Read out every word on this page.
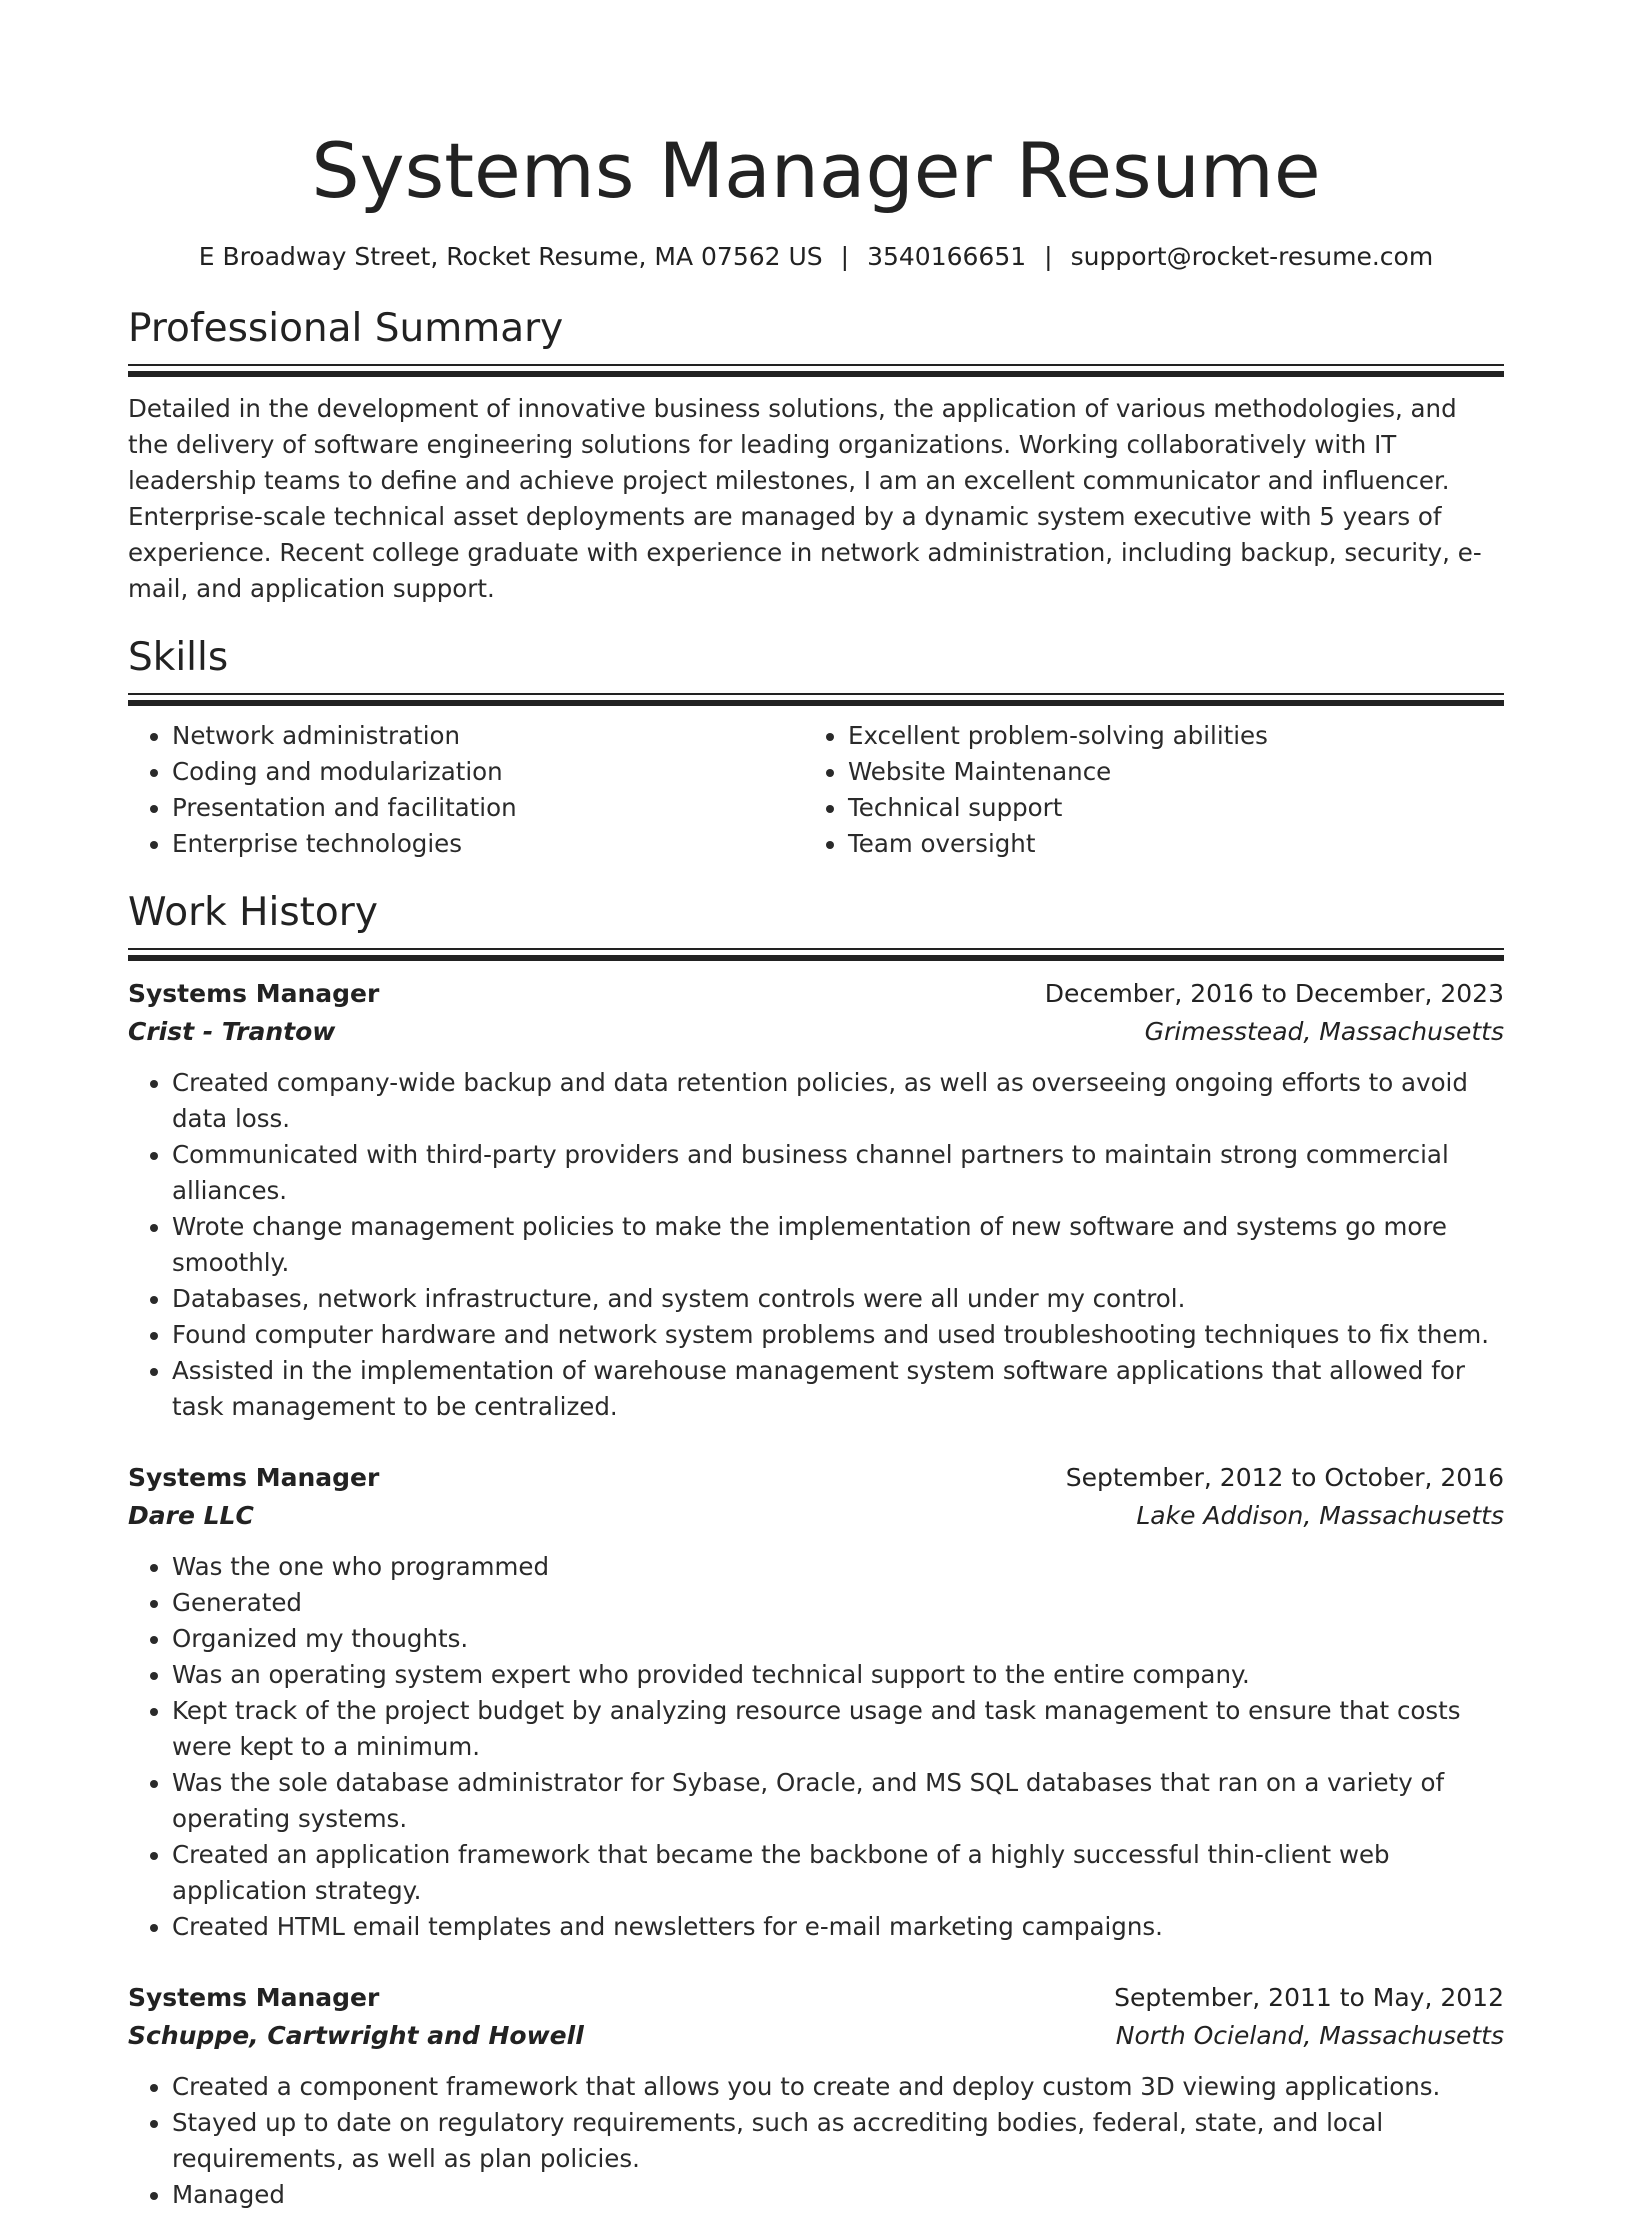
Systems Manager Resume
E Broadway Street, Rocket Resume, MA 07562 US | 3540166651 | support@rocket-resume.com
Professional Summary

Detailed in the development of innovative business solutions, the application of various methodologies, and the delivery of software engineering solutions for leading organizations. Working collaboratively with IT leadership teams to define and achieve project milestones, I am an excellent communicator and influencer. Enterprise-scale technical asset deployments are managed by a dynamic system executive with 5 years of experience. Recent college graduate with experience in network administration, including backup, security, e-mail, and application support.

Skills
• Network administration
• Coding and modularization
• Presentation and facilitation
• Enterprise technologies
• Excellent problem-solving abilities
• Website Maintenance
• Technical support
• Team oversight
Work History
Systems Manager	December, 2016 to December, 2023
Crist - Trantow	Grimesstead, Massachusetts
• Created company-wide backup and data retention policies, as well as overseeing ongoing efforts to avoid data loss.
• Communicated with third-party providers and business channel partners to maintain strong commercial alliances.
• Wrote change management policies to make the implementation of new software and systems go more smoothly.
• Databases, network infrastructure, and system controls were all under my control.
• Found computer hardware and network system problems and used troubleshooting techniques to fix them.
• Assisted in the implementation of warehouse management system software applications that allowed for task management to be centralized.
Systems Manager	September, 2012 to October, 2016
Dare LLC	Lake Addison, Massachusetts
• Was the one who programmed
• Generated
• Organized my thoughts.
• Was an operating system expert who provided technical support to the entire company.
• Kept track of the project budget by analyzing resource usage and task management to ensure that costs were kept to a minimum.
• Was the sole database administrator for Sybase, Oracle, and MS SQL databases that ran on a variety of operating systems.
• Created an application framework that became the backbone of a highly successful thin-client web application strategy.
• Created HTML email templates and newsletters for e-mail marketing campaigns.
Systems Manager	September, 2011 to May, 2012
Schuppe, Cartwright and Howell	North Ocieland, Massachusetts
• Created a component framework that allows you to create and deploy custom 3D viewing applications.
• Stayed up to date on regulatory requirements, such as accrediting bodies, federal, state, and local requirements, as well as plan policies.
• Managed
